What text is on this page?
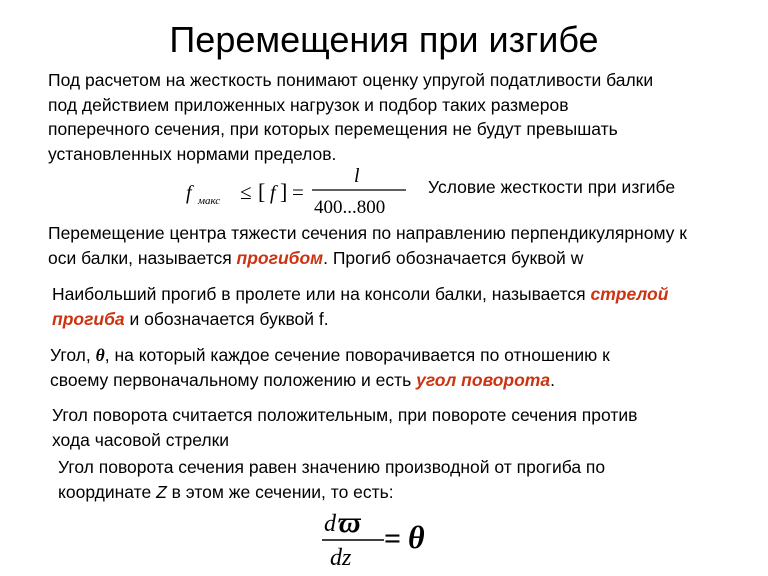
Перемещения при изгибе
Под расчетом на жесткость понимают оценку упругой податливости балки
под действием приложенных нагрузок и подбор таких размеров
поперечного сечения, при которых перемещения не будут превышать
установленных нормами пределов.
f макс ≤ [ f ] =
l
400...800
Условие жесткости при изгибе
Перемещение центра тяжести сечения по направлению перпендикулярному к
оси балки, называется прогибом. Прогиб обозначается буквой w
Наибольший прогиб в пролете или на консоли балки, называется стрелой
прогиба и обозначается буквой f.
Угол, θ, на который каждое сечение поворачивается по отношению к
своему первоначальному положению и есть угол поворота.
Угол поворота считается положительным, при повороте сечения против
хода часовой стрелки
Угол поворота сечения равен значению производной от прогиба по
координате Z в этом же сечении, то есть:
d ϖ
dz
= θ
